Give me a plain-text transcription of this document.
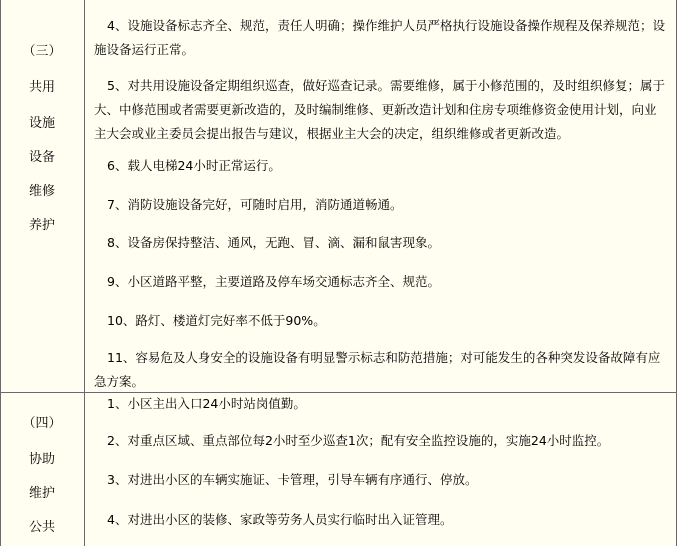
（三）
共用
设施
设备
维修
养护
4、设施设备标志齐全、规范，责任人明确；操作维护人员严格执行设施设备操作规程及保养规范；设施设备运行正常。
5、对共用设施设备定期组织巡查，做好巡查记录。需要维修，属于小修范围的，及时组织修复；属于大、中修范围或者需要更新改造的，及时编制维修、更新改造计划和住房专项维修资金使用计划，向业主大会或业主委员会提出报告与建议，根据业主大会的决定，组织维修或者更新改造。
6、载人电梯24小时正常运行。
7、消防设施设备完好，可随时启用，消防通道畅通。
8、设备房保持整洁、通风，无跑、冒、滴、漏和鼠害现象。
9、小区道路平整，主要道路及停车场交通标志齐全、规范。
10、路灯、楼道灯完好率不低于90%。
11、容易危及人身安全的设施设备有明显警示标志和防范措施；对可能发生的各种突发设备故障有应急方案。
（四）
协助
维护
公共
1、小区主出入口24小时站岗值勤。
2、对重点区域、重点部位每2小时至少巡查1次；配有安全监控设施的，实施24小时监控。
3、对进出小区的车辆实施证、卡管理，引导车辆有序通行、停放。
4、对进出小区的装修、家政等劳务人员实行临时出入证管理。
